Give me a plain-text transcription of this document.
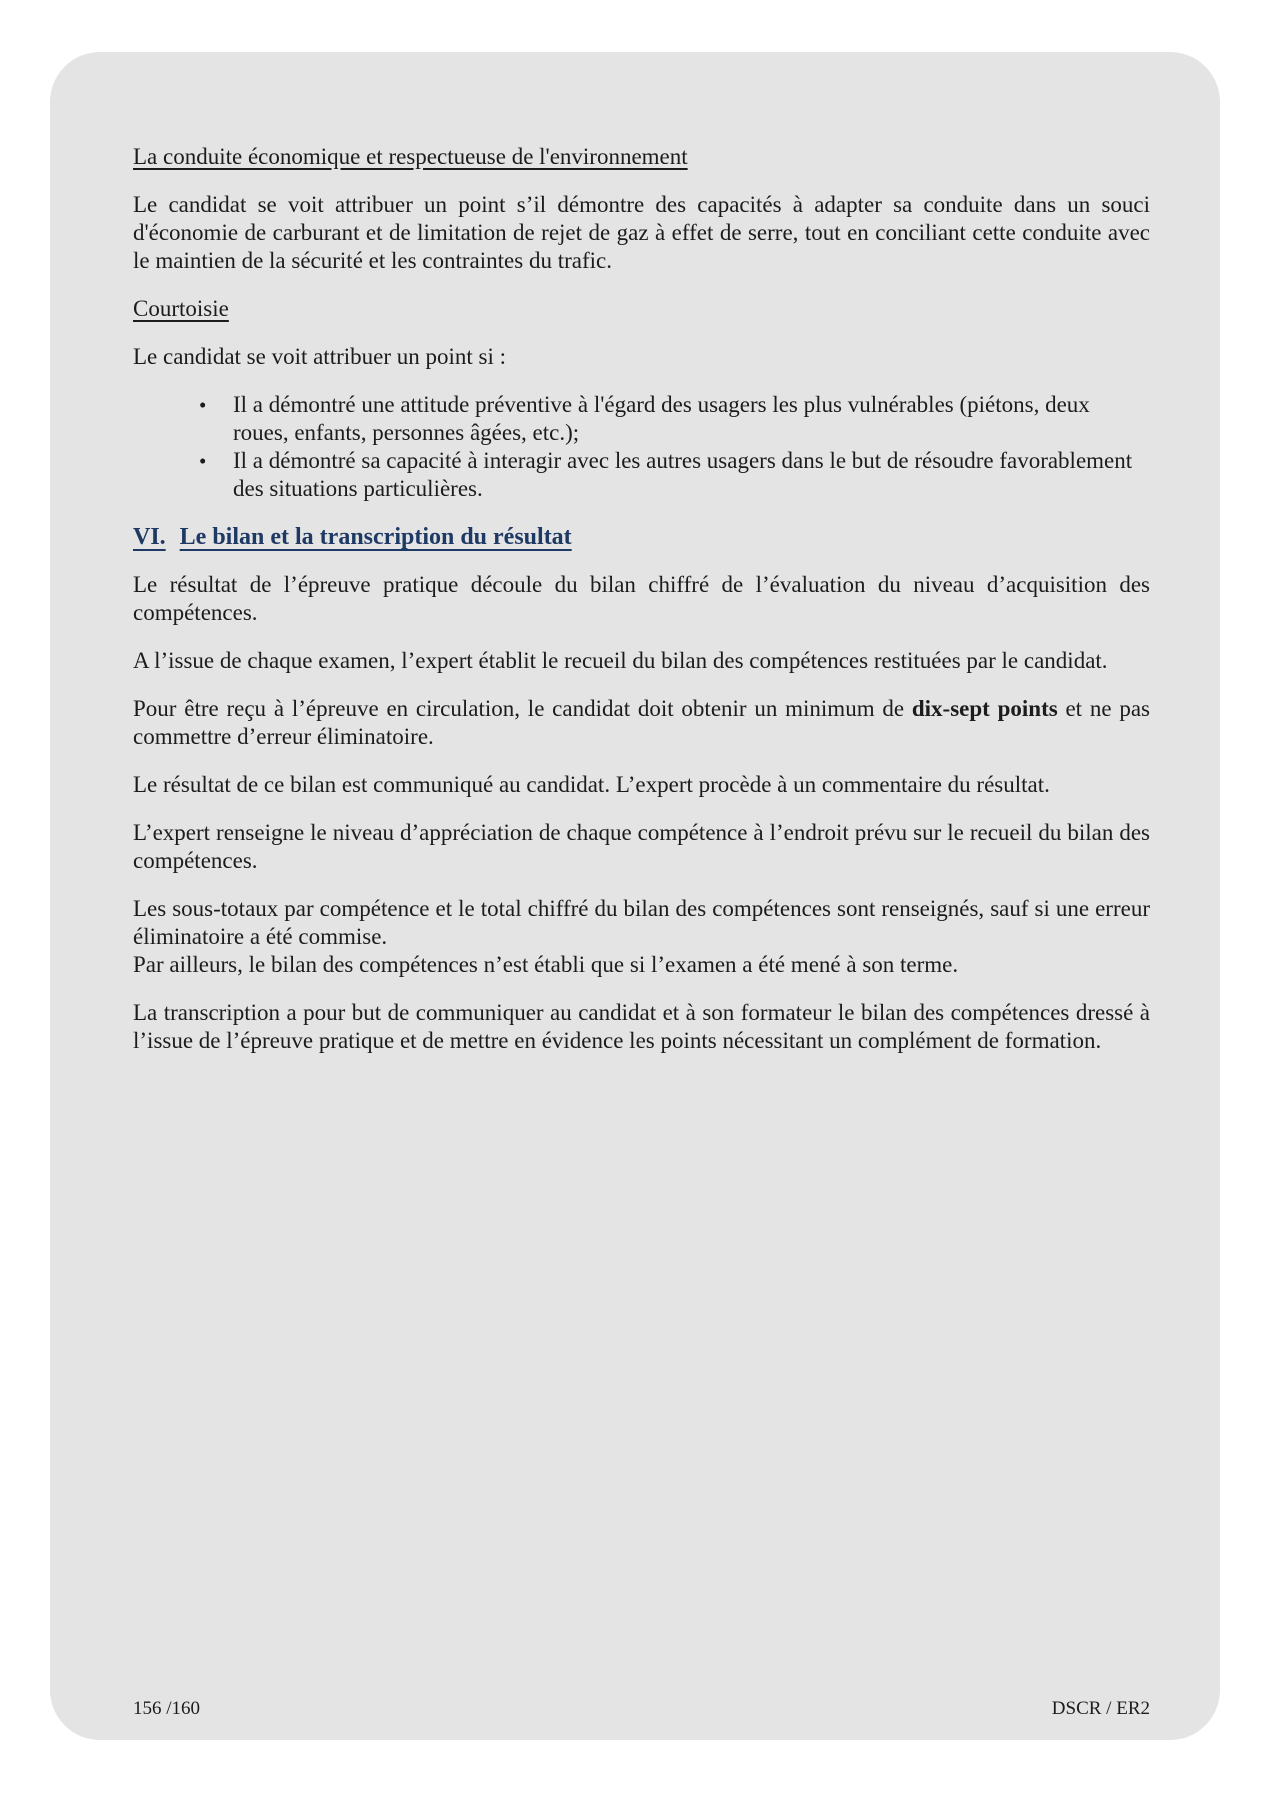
La conduite économique et respectueuse de l'environnement

Le candidat se voit attribuer un point s’il démontre des capacités à adapter sa conduite dans un souci d'économie de carburant et de limitation de rejet de gaz à effet de serre, tout en conciliant cette conduite avec le maintien de la sécurité et les contraintes du trafic.

Courtoisie

Le candidat se voit attribuer un point si :

• Il a démontré une attitude préventive à l'égard des usagers les plus vulnérables (piétons, deux roues, enfants, personnes âgées, etc.);
• Il a démontré sa capacité à interagir avec les autres usagers dans le but de résoudre favorablement des situations particulières.
VI. Le bilan et la transcription du résultat

Le résultat de l’épreuve pratique découle du bilan chiffré de l’évaluation du niveau d’acquisition des compétences.

A l’issue de chaque examen, l’expert établit le recueil du bilan des compétences restituées par le candidat.

Pour être reçu à l’épreuve en circulation, le candidat doit obtenir un minimum de dix-sept points et ne pas commettre d’erreur éliminatoire.

Le résultat de ce bilan est communiqué au candidat. L’expert procède à un commentaire du résultat.

L’expert renseigne le niveau d’appréciation de chaque compétence à l’endroit prévu sur le recueil du bilan des compétences.

Les sous-totaux par compétence et le total chiffré du bilan des compétences sont renseignés, sauf si une erreur éliminatoire a été commise.

Par ailleurs, le bilan des compétences n’est établi que si l’examen a été mené à son terme.

La transcription a pour but de communiquer au candidat et à son formateur le bilan des compétences dressé à l’issue de l’épreuve pratique et de mettre en évidence les points nécessitant un complément de formation.

156 /160	DSCR / ER2
